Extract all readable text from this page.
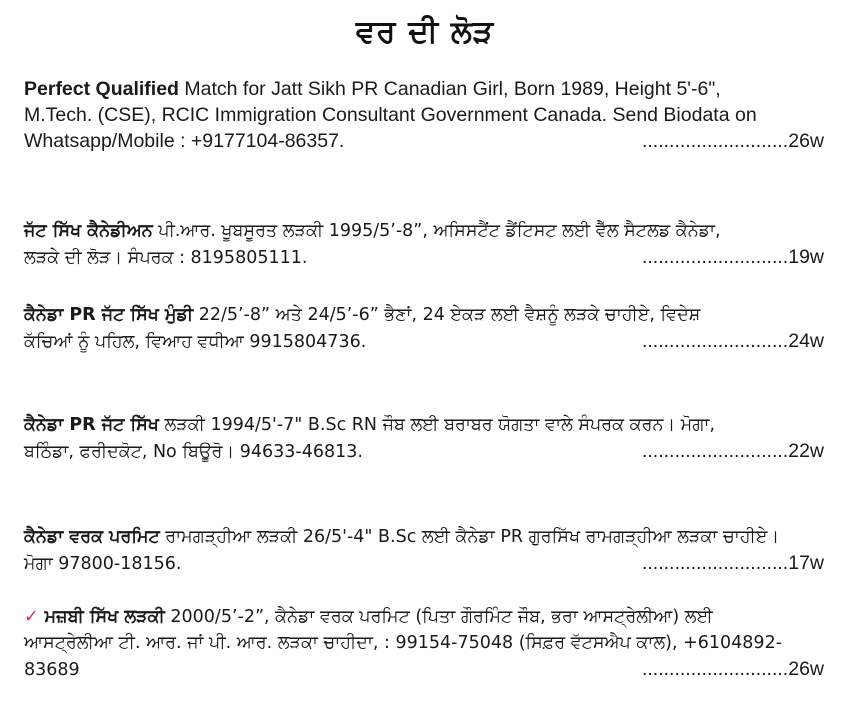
ਵਰ ਦੀ ਲੋੜ
Perfect Qualified Match for Jatt Sikh PR Canadian Girl, Born 1989, Height 5'-6",
M.Tech. (CSE), RCIC Immigration Consultant Government Canada. Send Biodata on
Whatsapp/Mobile : +9177104-86357.	........................... 26w
ਜੱਟ ਸਿੱਖ ਕੈਨੇਡੀਅਨ ਪੀ.ਆਰ. ਖੂਬਸੂਰਤ ਲੜਕੀ 1995/5’-8”, ਅਸਿਸਟੈਂਟ ਡੈਂਟਿਸਟ ਲਈ ਵੈੱਲ ਸੈਟਲਡ ਕੈਨੇਡਾ,
ਲੜਕੇ ਦੀ ਲੋੜ। ਸੰਪਰਕ : 8195805111.	........................... 19w
ਕੈਨੇਡਾ PR ਜੱਟ ਸਿੱਖ ਮੁੰਡੀ 22/5’-8” ਅਤੇ 24/5’-6” ਭੈਣਾਂ, 24 ਏਕੜ ਲਈ ਵੈਸ਼ਨੂੰ ਲੜਕੇ ਚਾਹੀਏ, ਵਿਦੇਸ਼
ਕੱਚਿਆਂ ਨੂੰ ਪਹਿਲ, ਵਿਆਹ ਵਧੀਆ 9915804736.	........................... 24w
ਕੈਨੇਡਾ PR ਜੱਟ ਸਿੱਖ ਲੜਕੀ 1994/5'-7" B.Sc RN ਜੌਬ ਲਈ ਬਰਾਬਰ ਯੋਗਤਾ ਵਾਲੇ ਸੰਪਰਕ ਕਰਨ। ਮੋਗਾ,
ਬਠਿੰਡਾ, ਫਰੀਦਕੋਟ, No ਬਿਊਰੋ। 94633-46813.	........................... 22w
ਕੈਨੇਡਾ ਵਰਕ ਪਰਮਿਟ ਰਾਮਗੜ੍ਹੀਆ ਲੜਕੀ 26/5'-4" B.Sc ਲਈ ਕੈਨੇਡਾ PR ਗੁਰਸਿੱਖ ਰਾਮਗੜ੍ਹੀਆ ਲੜਕਾ ਚਾਹੀਏ।
ਮੋਗਾ 97800-18156.	........................... 17w
✓ ਮਜ਼ਬੀ ਸਿੱਖ ਲੜਕੀ 2000/5’-2”, ਕੈਨੇਡਾ ਵਰਕ ਪਰਮਿਟ (ਪਿਤਾ ਗੌਰਮਿੰਟ ਜੌਬ, ਭਰਾ ਆਸਟ੍ਰੇਲੀਆ) ਲਈ
ਆਸਟ੍ਰੇਲੀਆ ਟੀ. ਆਰ. ਜਾਂ ਪੀ. ਆਰ. ਲੜਕਾ ਚਾਹੀਦਾ, : 99154-75048 (ਸਿਫ਼ਰ ਵੱਟਸਐਪ ਕਾਲ), +6104892-
83689	........................... 26w
